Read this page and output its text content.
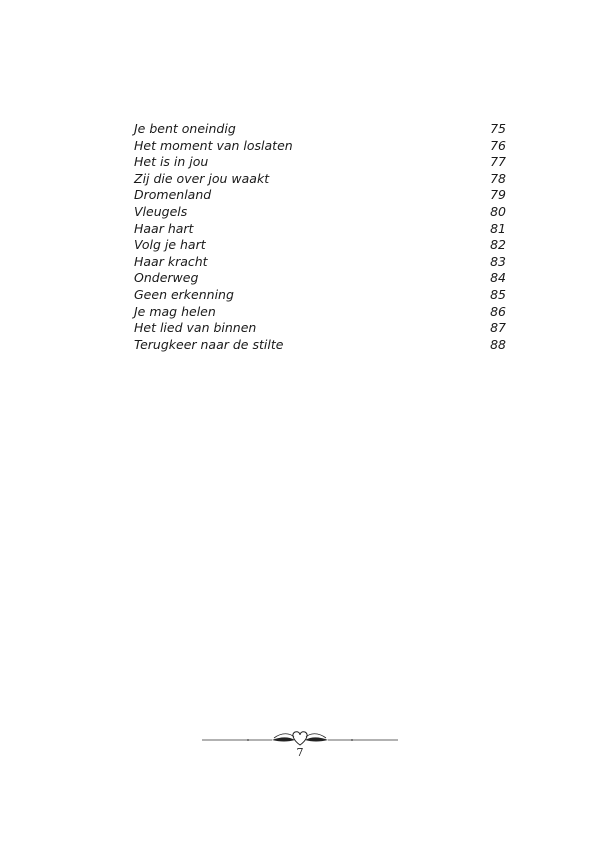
Je bent oneindig	75
Het moment van loslaten	76
Het is in jou	77
Zij die over jou waakt	78
Dromenland	79
Vleugels	80
Haar hart	81
Volg je hart	82
Haar kracht	83
Onderweg	84
Geen erkenning	85
Je mag helen	86
Het lied van binnen	87
Terugkeer naar de stilte	88
7
